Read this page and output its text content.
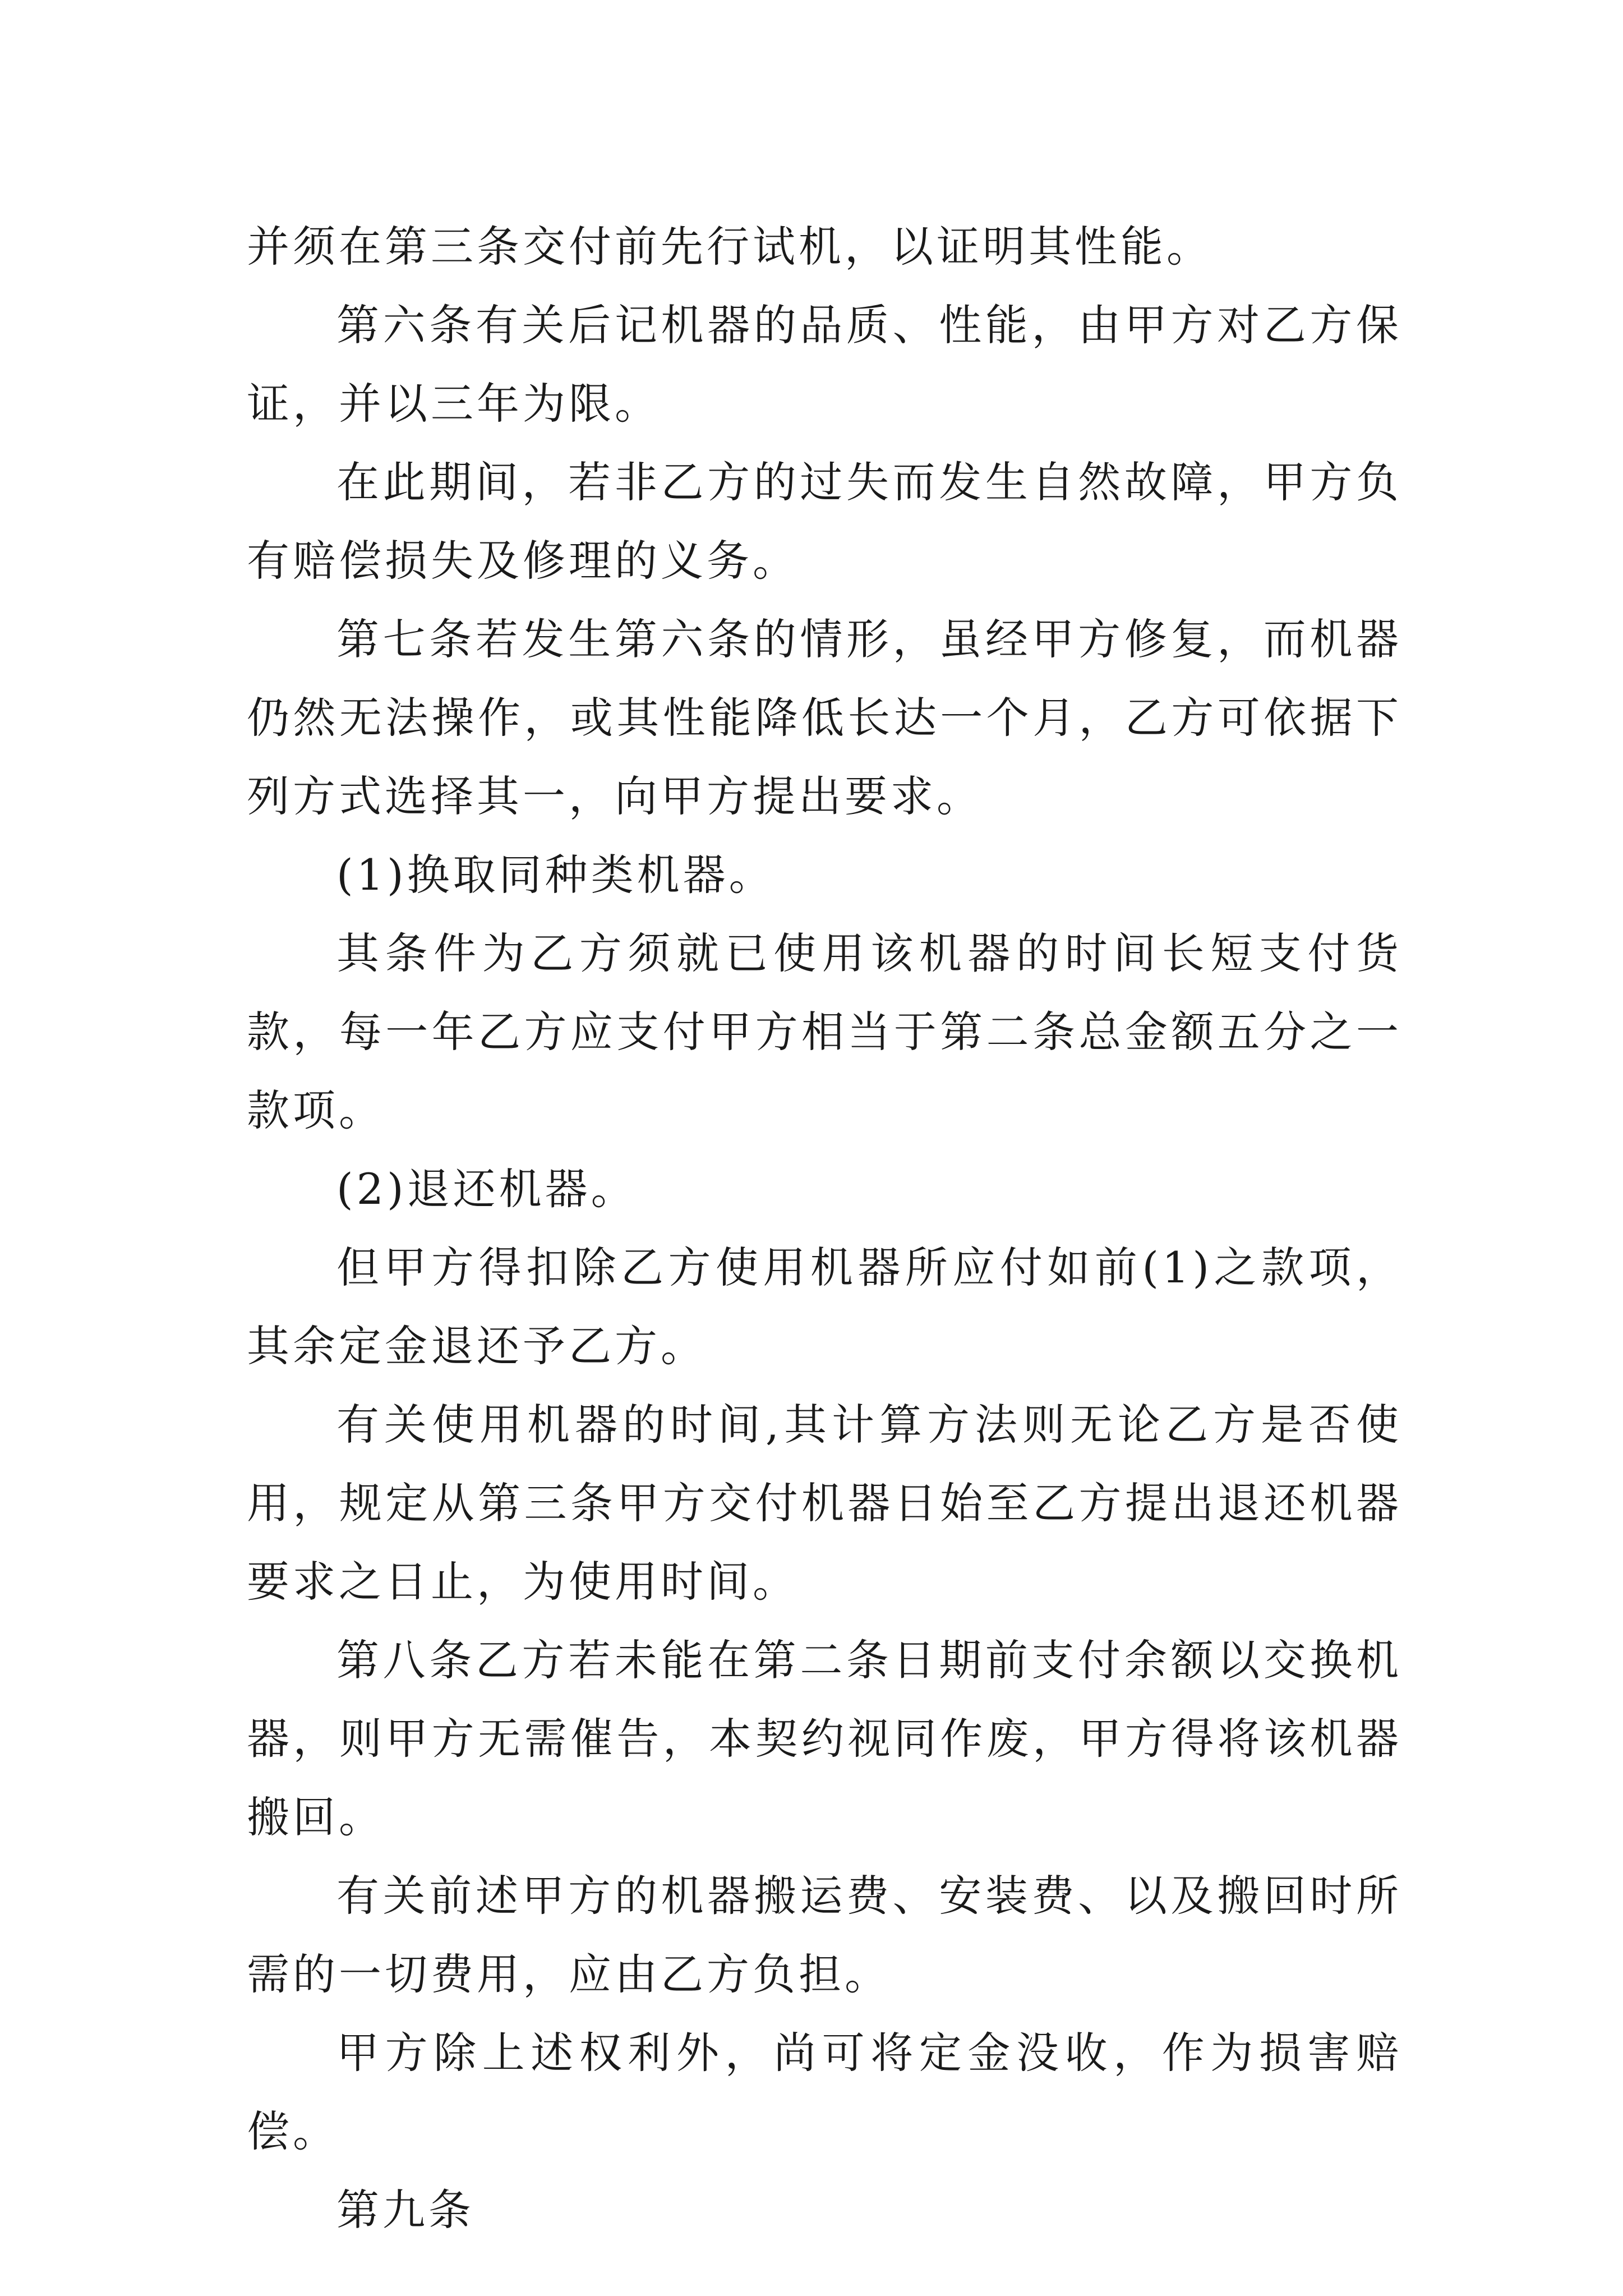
并须在第三条交付前先行试机，以证明其性能。

第六条有关后记机器的品质、性能，由甲方对乙方保证，并以三年为限。

在此期间，若非乙方的过失而发生自然故障，甲方负有赔偿损失及修理的义务。

第七条若发生第六条的情形，虽经甲方修复，而机器仍然无法操作，或其性能降低长达一个月，乙方可依据下列方式选择其一，向甲方提出要求。

(1)换取同种类机器。

其条件为乙方须就已使用该机器的时间长短支付货款，每一年乙方应支付甲方相当于第二条总金额五分之一款项。

(2)退还机器。

但甲方得扣除乙方使用机器所应付如前(1)之款项，其余定金退还予乙方。

有关使用机器的时间,其计算方法则无论乙方是否使用，规定从第三条甲方交付机器日始至乙方提出退还机器要求之日止，为使用时间。

第八条乙方若未能在第二条日期前支付余额以交换机器，则甲方无需催告，本契约视同作废，甲方得将该机器搬回。

有关前述甲方的机器搬运费、安装费、以及搬回时所需的一切费用，应由乙方负担。

甲方除上述权利外，尚可将定金没收，作为损害赔偿。

第九条
